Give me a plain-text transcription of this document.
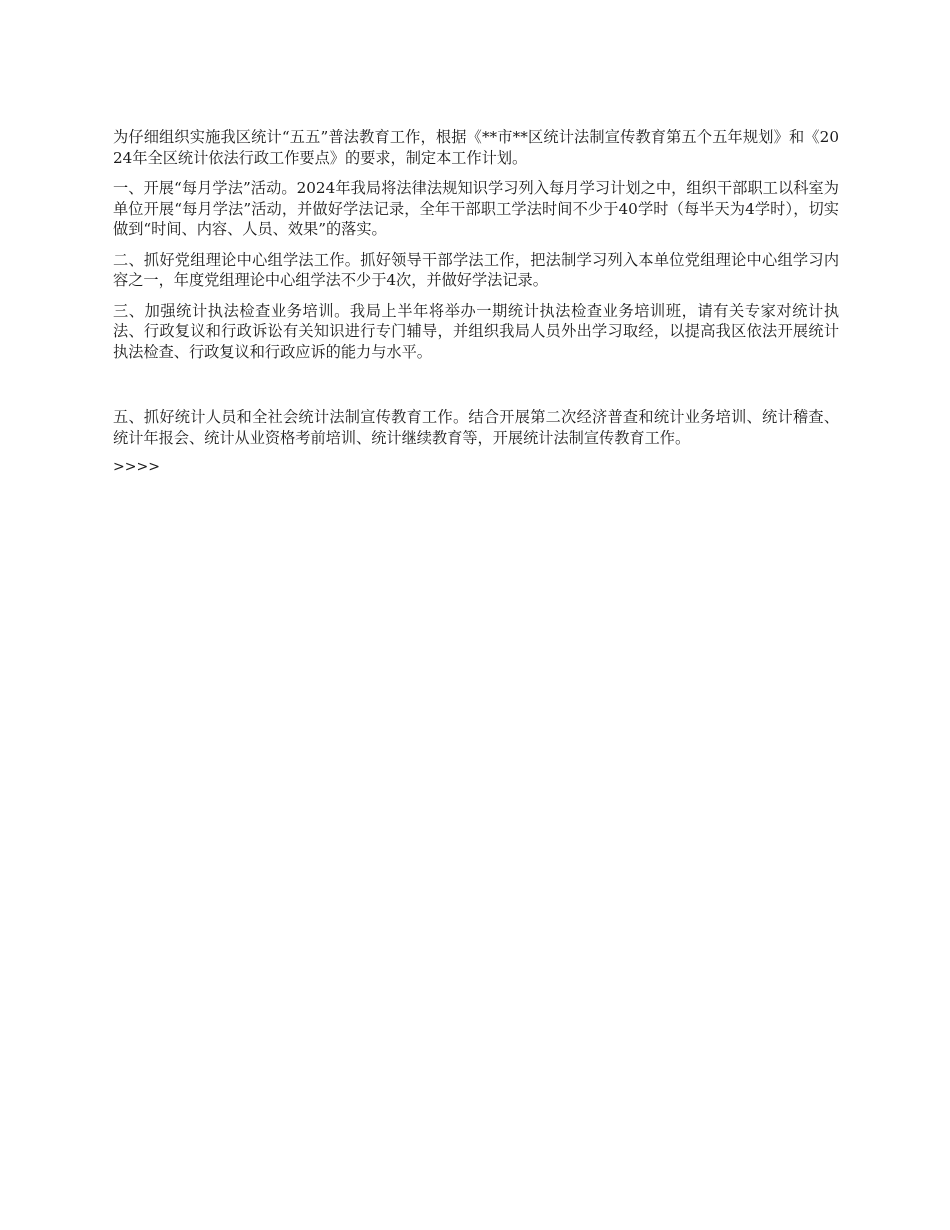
为仔细组织实施我区统计“五五”普法教育工作，根据《**市**区统计法制宣传教育第五个五年规划》和《2024年全区统计依法行政工作要点》的要求，制定本工作计划。

一、开展“每月学法”活动。2024年我局将法律法规知识学习列入每月学习计划之中，组织干部职工以科室为单位开展“每月学法”活动，并做好学法记录，全年干部职工学法时间不少于40学时（每半天为4学时），切实做到“时间、内容、人员、效果”的落实。

二、抓好党组理论中心组学法工作。抓好领导干部学法工作，把法制学习列入本单位党组理论中心组学习内容之一，年度党组理论中心组学法不少于4次，并做好学法记录。

三、加强统计执法检查业务培训。我局上半年将举办一期统计执法检查业务培训班，请有关专家对统计执法、行政复议和行政诉讼有关知识进行专门辅导，并组织我局人员外出学习取经，以提高我区依法开展统计执法检查、行政复议和行政应诉的能力与水平。

五、抓好统计人员和全社会统计法制宣传教育工作。结合开展第二次经济普查和统计业务培训、统计稽查、统计年报会、统计从业资格考前培训、统计继续教育等，开展统计法制宣传教育工作。

>>>>
